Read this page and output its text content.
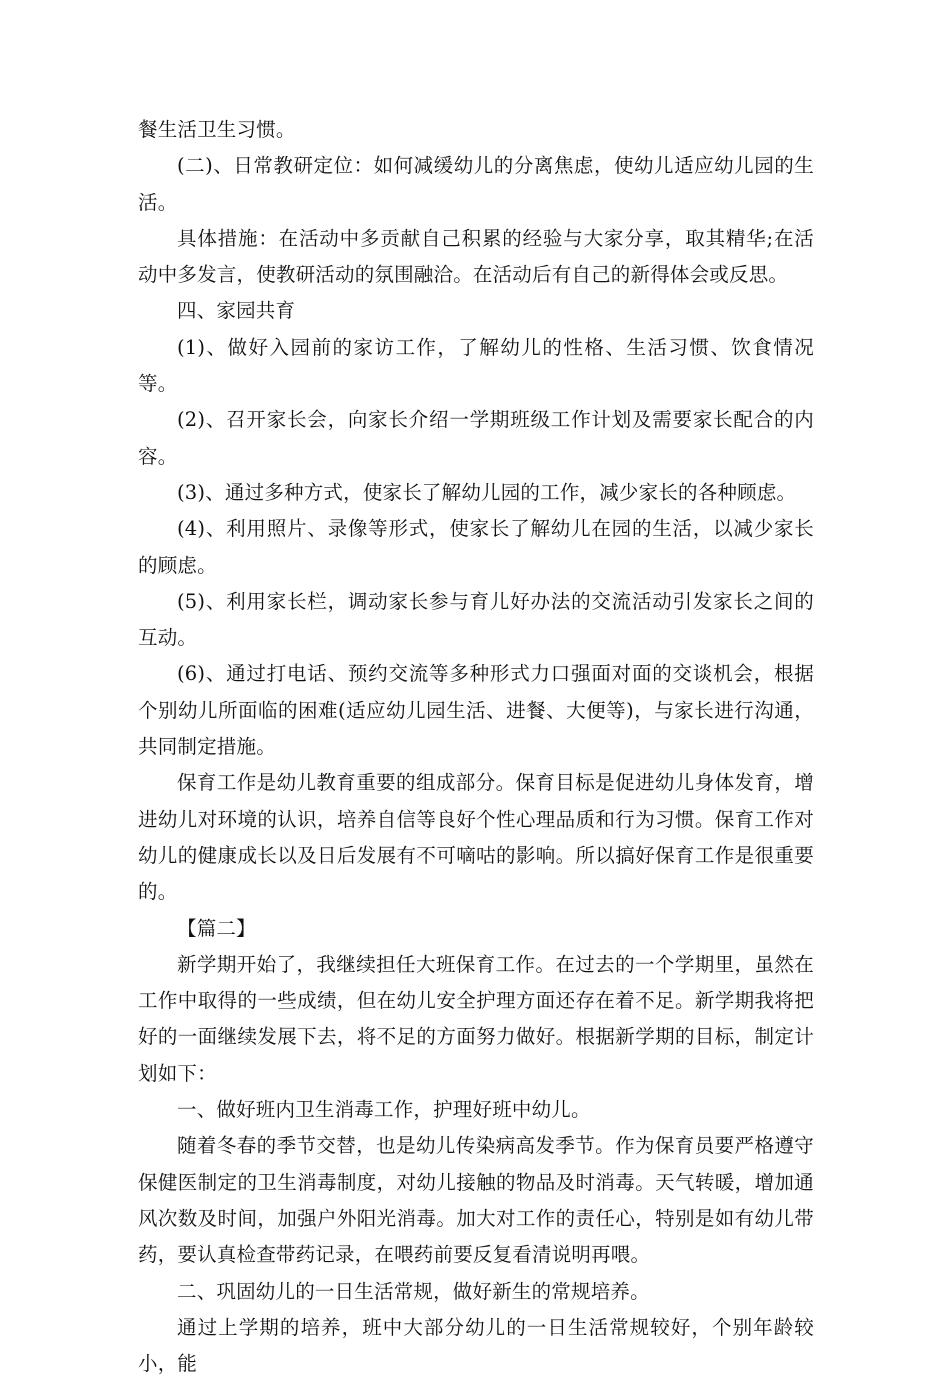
餐生活卫生习惯。

(二)、日常教研定位：如何减缓幼儿的分离焦虑，使幼儿适应幼儿园的生活。

具体措施：在活动中多贡献自己积累的经验与大家分享，取其精华;在活动中多发言，使教研活动的氛围融洽。在活动后有自己的新得体会或反思。

四、家园共育

(1)、做好入园前的家访工作，了解幼儿的性格、生活习惯、饮食情况等。

(2)、召开家长会，向家长介绍一学期班级工作计划及需要家长配合的内容。

(3)、通过多种方式，使家长了解幼儿园的工作，减少家长的各种顾虑。

(4)、利用照片、录像等形式，使家长了解幼儿在园的生活，以减少家长的顾虑。

(5)、利用家长栏，调动家长参与育儿好办法的交流活动引发家长之间的互动。

(6)、通过打电话、预约交流等多种形式力口强面对面的交谈机会，根据个别幼儿所面临的困难(适应幼儿园生活、进餐、大便等)，与家长进行沟通，共同制定措施。

保育工作是幼儿教育重要的组成部分。保育目标是促进幼儿身体发育，增进幼儿对环境的认识，培养自信等良好个性心理品质和行为习惯。保育工作对幼儿的健康成长以及日后发展有不可嘀咕的影响。所以搞好保育工作是很重要的。

【篇二】

新学期开始了，我继续担任大班保育工作。在过去的一个学期里，虽然在工作中取得的一些成绩，但在幼儿安全护理方面还存在着不足。新学期我将把好的一面继续发展下去，将不足的方面努力做好。根据新学期的目标，制定计划如下：

一、做好班内卫生消毒工作，护理好班中幼儿。

随着冬春的季节交替，也是幼儿传染病高发季节。作为保育员要严格遵守保健医制定的卫生消毒制度，对幼儿接触的物品及时消毒。天气转暖，增加通风次数及时间，加强户外阳光消毒。加大对工作的责任心，特别是如有幼儿带药，要认真检查带药记录，在喂药前要反复看清说明再喂。

二、巩固幼儿的一日生活常规，做好新生的常规培养。

通过上学期的培养，班中大部分幼儿的一日生活常规较好，个别年龄较小，能
